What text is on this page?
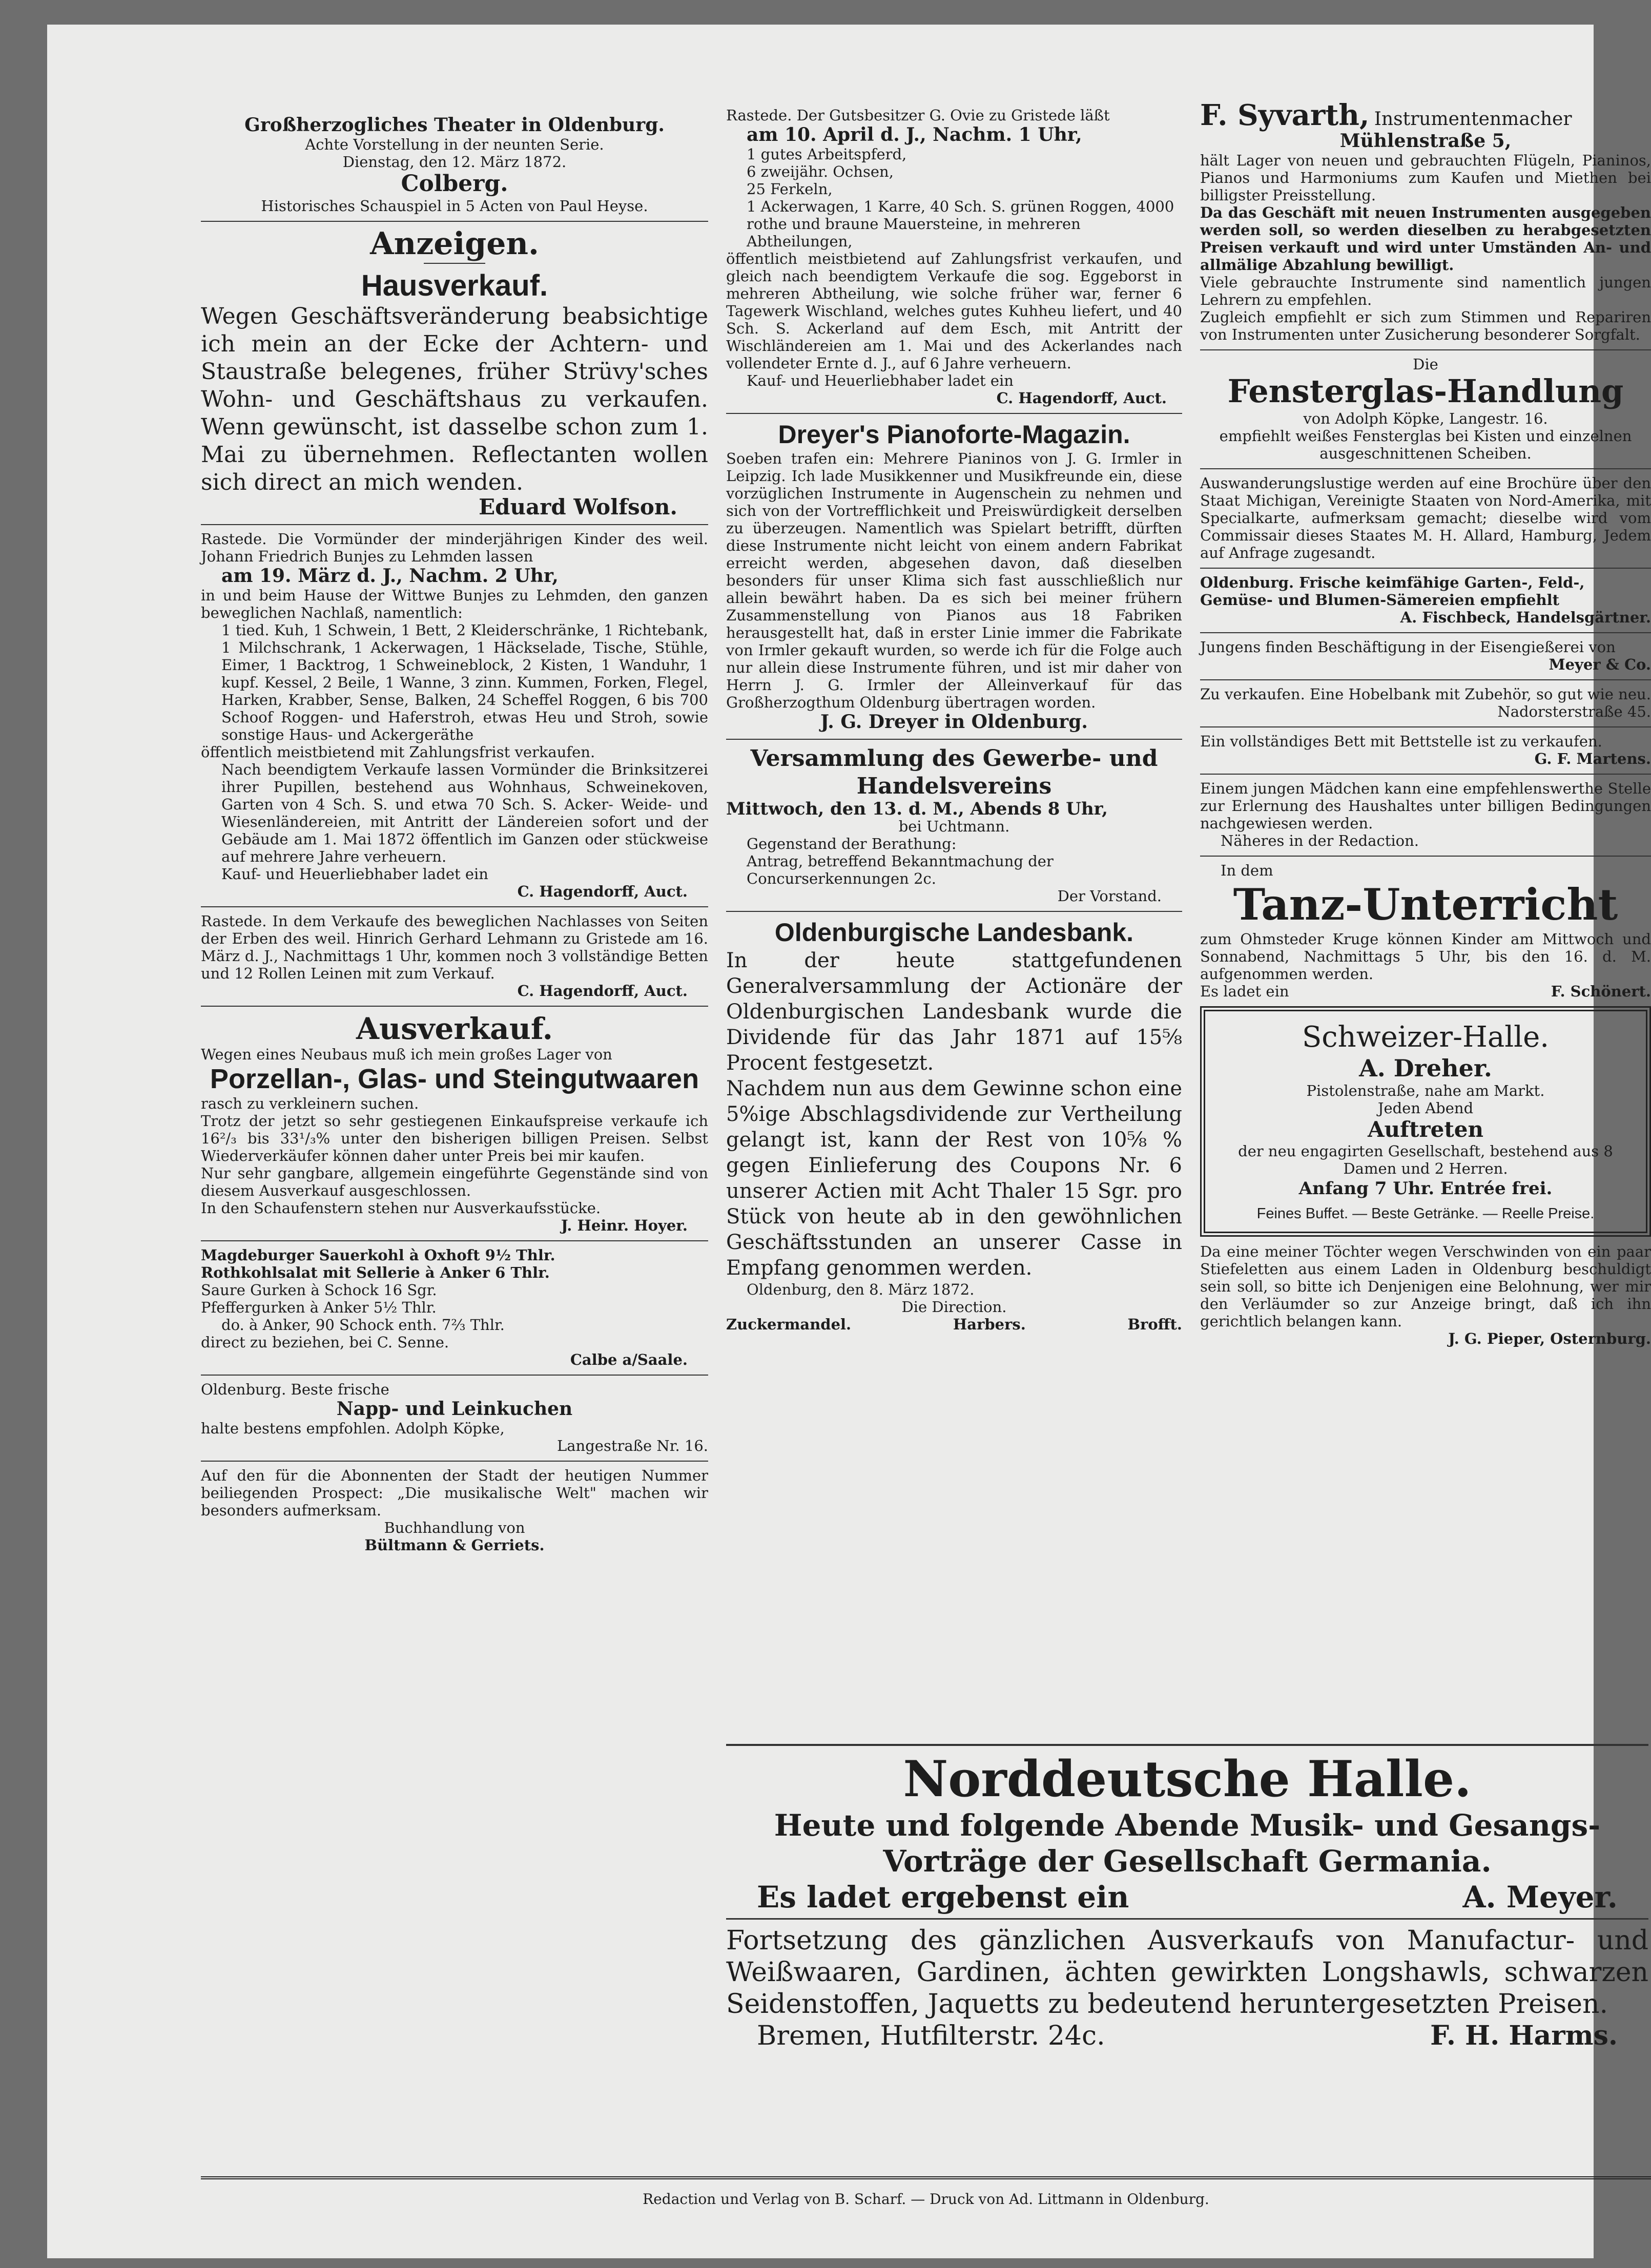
Großherzogliches Theater in Oldenburg.
Achte Vorstellung in der neunten Serie.
Dienstag, den 12. März 1872.
Colberg.
Historisches Schauspiel in 5 Acten von Paul Heyse.
Anzeigen.
Hausverkauf.
Wegen Geschäftsveränderung beabsichtige ich mein an der Ecke der Achtern- und Staustraße belegenes, früher Strüvy'sches Wohn- und Geschäftshaus zu verkaufen. Wenn gewünscht, ist dasselbe schon zum 1. Mai zu übernehmen. Reflectanten wollen sich direct an mich wenden.
Eduard Wolfson.
Rastede. Die Vormünder der minderjährigen Kinder des weil. Johann Friedrich Bunjes zu Lehmden lassen
am 19. März d. J., Nachm. 2 Uhr,
in und beim Hause der Wittwe Bunjes zu Lehmden, den ganzen beweglichen Nachlaß, namentlich:
1 tied. Kuh, 1 Schwein, 1 Bett, 2 Kleiderschränke, 1 Richtebank, 1 Milchschrank, 1 Ackerwagen, 1 Häckselade, Tische, Stühle, Eimer, 1 Backtrog, 1 Schweineblock, 2 Kisten, 1 Wanduhr, 1 kupf. Kessel, 2 Beile, 1 Wanne, 3 zinn. Kummen, Forken, Flegel, Harken, Krabber, Sense, Balken, 24 Scheffel Roggen, 6 bis 700 Schoof Roggen- und Haferstroh, etwas Heu und Stroh, sowie sonstige Haus- und Ackergeräthe
öffentlich meistbietend mit Zahlungsfrist verkaufen.
Nach beendigtem Verkaufe lassen Vormünder die Brinksitzerei ihrer Pupillen, bestehend aus Wohnhaus, Schweinekoven, Garten von 4 Sch. S. und etwa 70 Sch. S. Acker- Weide- und Wiesenländereien, mit Antritt der Ländereien sofort und der Gebäude am 1. Mai 1872 öffentlich im Ganzen oder stückweise auf mehrere Jahre verheuern.
Kauf- und Heuerliebhaber ladet ein
C. Hagendorff, Auct.
Rastede. In dem Verkaufe des beweglichen Nachlasses von Seiten der Erben des weil. Hinrich Gerhard Lehmann zu Gristede am 16. März d. J., Nachmittags 1 Uhr, kommen noch 3 vollständige Betten und 12 Rollen Leinen mit zum Verkauf.
C. Hagendorff, Auct.
Ausverkauf.
Wegen eines Neubaus muß ich mein großes Lager von
Porzellan-, Glas- und Steingutwaaren
rasch zu verkleinern suchen.
Trotz der jetzt so sehr gestiegenen Einkaufspreise verkaufe ich 16²/₃ bis 33¹/₃% unter den bisherigen billigen Preisen. Selbst Wiederverkäufer können daher unter Preis bei mir kaufen.
Nur sehr gangbare, allgemein eingeführte Gegenstände sind von diesem Ausverkauf ausgeschlossen.
In den Schaufenstern stehen nur Ausverkaufsstücke.
J. Heinr. Hoyer.
Magdeburger Sauerkohl à Oxhoft 9½ Thlr.
Rothkohlsalat mit Sellerie à Anker 6 Thlr.
Saure Gurken à Schock 16 Sgr.
Pfeffergurken à Anker 5½ Thlr.
do. à Anker, 90 Schock enth. 7⅔ Thlr.
direct zu beziehen, bei C. Senne.
Calbe a/Saale.
Oldenburg. Beste frische
Napp- und Leinkuchen
halte bestens empfohlen. Adolph Köpke,
Langestraße Nr. 16.
Auf den für die Abonnenten der Stadt der heutigen Nummer beiliegenden Prospect: „Die musikalische Welt" machen wir besonders aufmerksam.
Buchhandlung von
Bültmann & Gerriets.
Rastede. Der Gutsbesitzer G. Ovie zu Gristede läßt
am 10. April d. J., Nachm. 1 Uhr,
1 gutes Arbeitspferd,
6 zweijähr. Ochsen,
25 Ferkeln,
1 Ackerwagen, 1 Karre, 40 Sch. S. grünen Roggen, 4000 rothe und braune Mauersteine, in mehreren Abtheilungen,
öffentlich meistbietend auf Zahlungsfrist verkaufen, und gleich nach beendigtem Verkaufe die sog. Eggeborst in mehreren Abtheilung, wie solche früher war, ferner 6 Tagewerk Wischland, welches gutes Kuhheu liefert, und 40 Sch. S. Ackerland auf dem Esch, mit Antritt der Wischländereien am 1. Mai und des Ackerlandes nach vollendeter Ernte d. J., auf 6 Jahre verheuern.
Kauf- und Heuerliebhaber ladet ein
C. Hagendorff, Auct.
Dreyer's Pianoforte-Magazin.
Soeben trafen ein: Mehrere Pianinos von J. G. Irmler in Leipzig. Ich lade Musikkenner und Musikfreunde ein, diese vorzüglichen Instrumente in Augenschein zu nehmen und sich von der Vortrefflichkeit und Preiswürdigkeit derselben zu überzeugen. Namentlich was Spielart betrifft, dürften diese Instrumente nicht leicht von einem andern Fabrikat erreicht werden, abgesehen davon, daß dieselben besonders für unser Klima sich fast ausschließlich nur allein bewährt haben. Da es sich bei meiner frühern Zusammenstellung von Pianos aus 18 Fabriken herausgestellt hat, daß in erster Linie immer die Fabrikate von Irmler gekauft wurden, so werde ich für die Folge auch nur allein diese Instrumente führen, und ist mir daher von Herrn J. G. Irmler der Alleinverkauf für das Großherzogthum Oldenburg übertragen worden.
J. G. Dreyer in Oldenburg.
Versammlung des Gewerbe- und Handelsvereins
Mittwoch, den 13. d. M., Abends 8 Uhr,
bei Uchtmann.
Gegenstand der Berathung:
Antrag, betreffend Bekanntmachung der Concurserkennungen 2c.
Der Vorstand.
Oldenburgische Landesbank.
In der heute stattgefundenen Generalversammlung der Actionäre der Oldenburgischen Landesbank wurde die Dividende für das Jahr 1871 auf 15⅝ Procent festgesetzt.
Nachdem nun aus dem Gewinne schon eine 5%ige Abschlagsdividende zur Vertheilung gelangt ist, kann der Rest von 10⅝ % gegen Einlieferung des Coupons Nr. 6 unserer Actien mit Acht Thaler 15 Sgr. pro Stück von heute ab in den gewöhnlichen Geschäftsstunden an unserer Casse in Empfang genommen werden.
Oldenburg, den 8. März 1872.
Die Direction.
Zuckermandel.	Harbers.	Brofft.
F. Syvarth, Instrumentenmacher
Mühlenstraße 5,
hält Lager von neuen und gebrauchten Flügeln, Pianinos, Pianos und Harmoniums zum Kaufen und Miethen bei billigster Preisstellung.
Da das Geschäft mit neuen Instrumenten ausgegeben werden soll, so werden dieselben zu herabgesetzten Preisen verkauft und wird unter Umständen An- und allmälige Abzahlung bewilligt.
Viele gebrauchte Instrumente sind namentlich jungen Lehrern zu empfehlen.
Zugleich empfiehlt er sich zum Stimmen und Repariren von Instrumenten unter Zusicherung besonderer Sorgfalt.
Die
Fensterglas-Handlung
von Adolph Köpke, Langestr. 16.
empfiehlt weißes Fensterglas bei Kisten und einzelnen ausgeschnittenen Scheiben.
Auswanderungslustige werden auf eine Brochüre über den Staat Michigan, Vereinigte Staaten von Nord-Amerika, mit Specialkarte, aufmerksam gemacht; dieselbe wird vom Commissair dieses Staates M. H. Allard, Hamburg, Jedem auf Anfrage zugesandt.
Oldenburg. Frische keimfähige Garten-, Feld-, Gemüse- und Blumen-Sämereien empfiehlt
A. Fischbeck, Handelsgärtner.
Jungens finden Beschäftigung in der Eisengießerei von
Meyer & Co.
Zu verkaufen. Eine Hobelbank mit Zubehör, so gut wie neu.
Nadorsterstraße 45.
Ein vollständiges Bett mit Bettstelle ist zu verkaufen.
G. F. Martens.
Einem jungen Mädchen kann eine empfehlenswerthe Stelle zur Erlernung des Haushaltes unter billigen Bedingungen nachgewiesen werden.
Näheres in der Redaction.
In dem
Tanz-Unterricht
zum Ohmsteder Kruge können Kinder am Mittwoch und Sonnabend, Nachmittags 5 Uhr, bis den 16. d. M. aufgenommen werden.
Es ladet ein	F. Schönert.
Schweizer-Halle.
A. Dreher.
Pistolenstraße, nahe am Markt.
Jeden Abend
Auftreten
der neu engagirten Gesellschaft, bestehend aus 8 Damen und 2 Herren.
Anfang 7 Uhr. Entrée frei.
Feines Buffet. — Beste Getränke. — Reelle Preise.
Da eine meiner Töchter wegen Verschwinden von ein paar Stiefeletten aus einem Laden in Oldenburg beschuldigt sein soll, so bitte ich Denjenigen eine Belohnung, wer mir den Verläumder so zur Anzeige bringt, daß ich ihn gerichtlich belangen kann.
J. G. Pieper, Osternburg.
Norddeutsche Halle.
Heute und folgende Abende Musik- und Gesangs-Vorträge der Gesellschaft Germania.
Es ladet ergebenst ein	A. Meyer.
Fortsetzung des gänzlichen Ausverkaufs von Manufactur- und Weißwaaren, Gardinen, ächten gewirkten Longshawls, schwarzen Seidenstoffen, Jaquetts zu bedeutend heruntergesetzten Preisen.
Bremen, Hutfilterstr. 24c.	F. H. Harms.
Redaction und Verlag von B. Scharf. — Druck von Ad. Littmann in Oldenburg.
